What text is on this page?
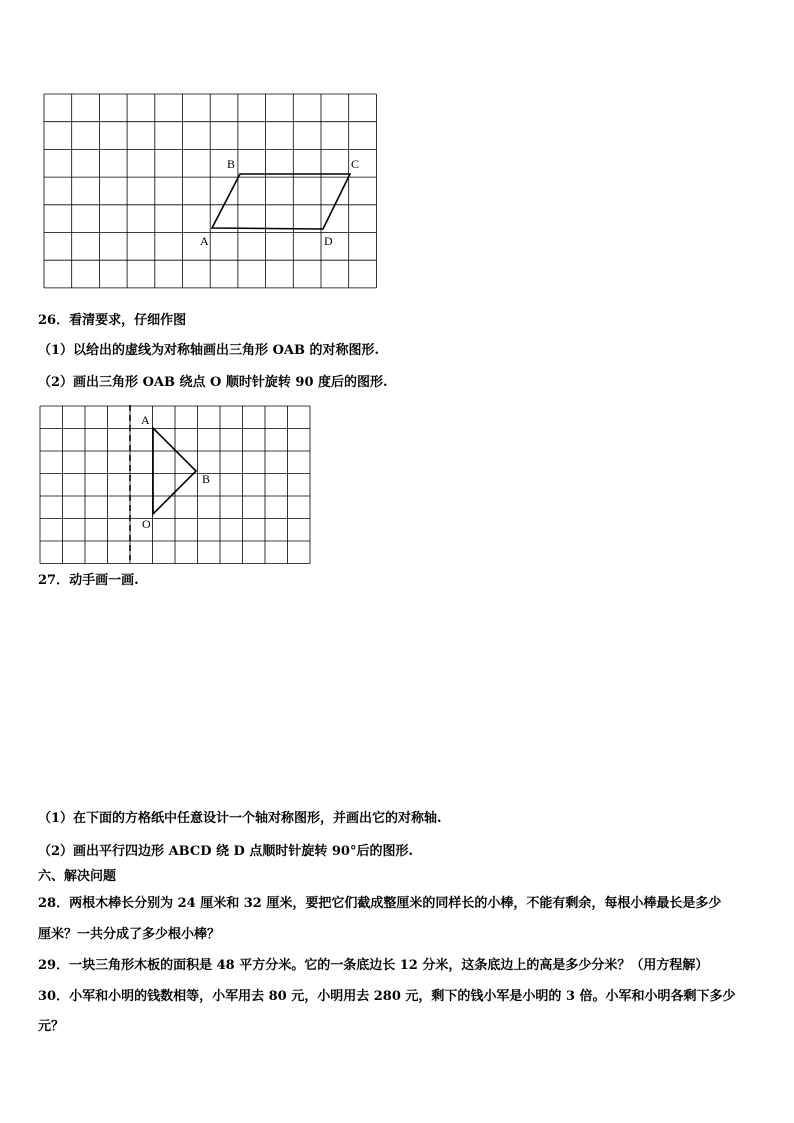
B	C
A	D
26．看清要求，仔细作图
（1）以给出的虚线为对称轴画出三角形 OAB 的对称图形.
（2）画出三角形 OAB 绕点 O 顺时针旋转 90 度后的图形.
A
B
O
27．动手画一画.
（1）在下面的方格纸中任意设计一个轴对称图形，并画出它的对称轴.
（2）画出平行四边形 ABCD 绕 D 点顺时针旋转 90°后的图形.
六、解决问题
28．两根木棒长分别为 24 厘米和 32 厘米，要把它们截成整厘米的同样长的小棒，不能有剩余，每根小棒最长是多少
厘米？一共分成了多少根小棒？
29．一块三角形木板的面积是 48 平方分米。它的一条底边长 12 分米，这条底边上的高是多少分米？（用方程解）
30．小军和小明的钱数相等，小军用去 80 元，小明用去 280 元，剩下的钱小军是小明的 3 倍。小军和小明各剩下多少
元？
